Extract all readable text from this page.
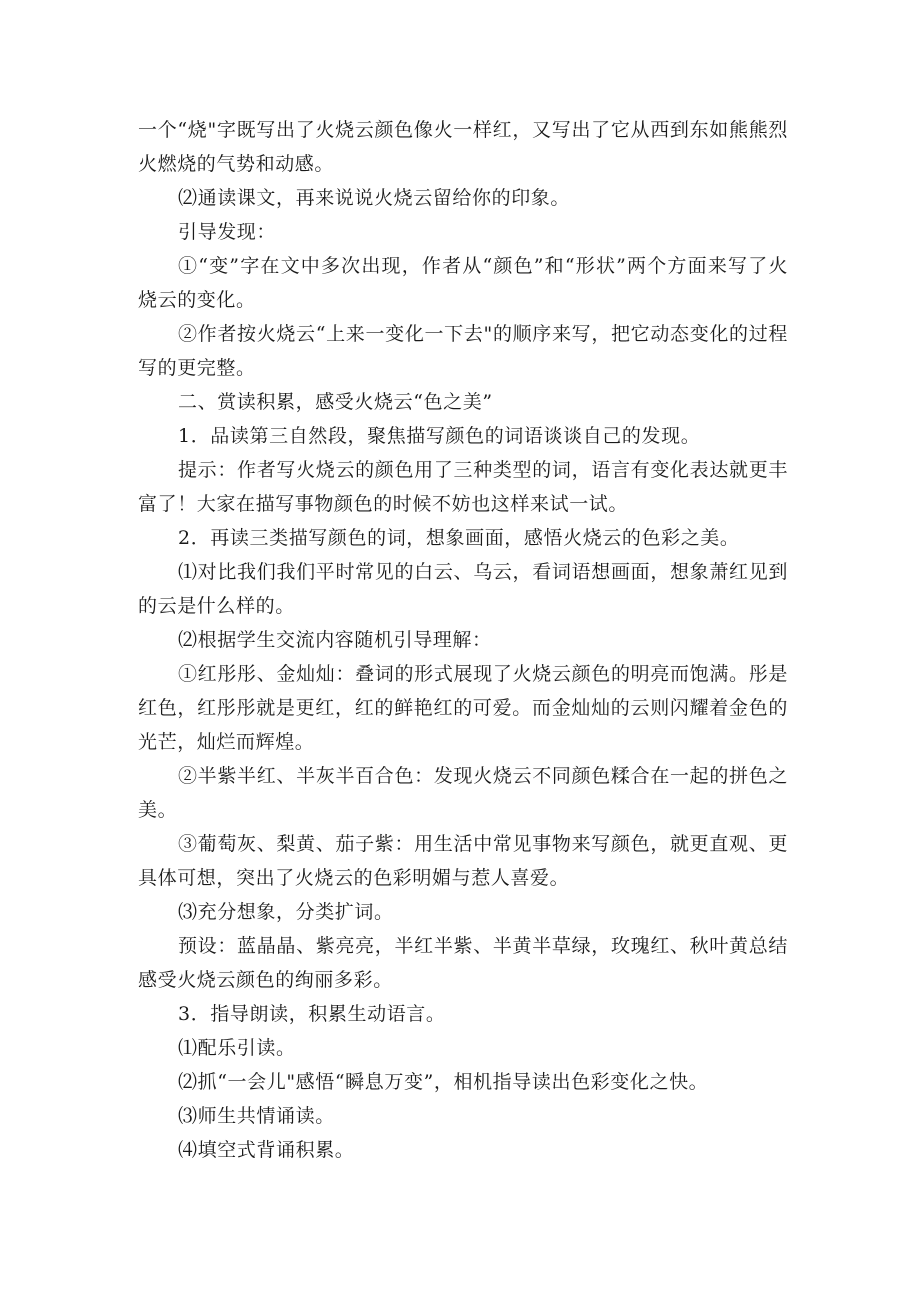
一个“烧"字既写出了火烧云颜色像火一样红，又写出了它从西到东如熊熊烈火燃烧的气势和动感。

⑵通读课文，再来说说火烧云留给你的印象。

引导发现：

①“变”字在文中多次出现，作者从“颜色”和“形状”两个方面来写了火烧云的变化。

②作者按火烧云“上来一变化一下去"的顺序来写，把它动态变化的过程写的更完整。

二、赏读积累，感受火烧云“色之美”

1．品读第三自然段，聚焦描写颜色的词语谈谈自己的发现。

提示：作者写火烧云的颜色用了三种类型的词，语言有变化表达就更丰富了！大家在描写事物颜色的时候不妨也这样来试一试。

2．再读三类描写颜色的词，想象画面，感悟火烧云的色彩之美。

⑴对比我们我们平时常见的白云、乌云，看词语想画面，想象萧红见到的云是什么样的。

⑵根据学生交流内容随机引导理解：

①红彤彤、金灿灿：叠词的形式展现了火烧云颜色的明亮而饱满。彤是红色，红彤彤就是更红，红的鲜艳红的可爱。而金灿灿的云则闪耀着金色的光芒，灿烂而辉煌。

②半紫半红、半灰半百合色：发现火烧云不同颜色糅合在一起的拼色之美。

③葡萄灰、梨黄、茄子紫：用生活中常见事物来写颜色，就更直观、更具体可想，突出了火烧云的色彩明媚与惹人喜爱。

⑶充分想象，分类扩词。

预设：蓝晶晶、紫亮亮，半红半紫、半黄半草绿，玫瑰红、秋叶黄总结感受火烧云颜色的绚丽多彩。

3．指导朗读，积累生动语言。

⑴配乐引读。

⑵抓“一会儿"感悟“瞬息万变”，相机指导读出色彩变化之快。

⑶师生共情诵读。

⑷填空式背诵积累。
